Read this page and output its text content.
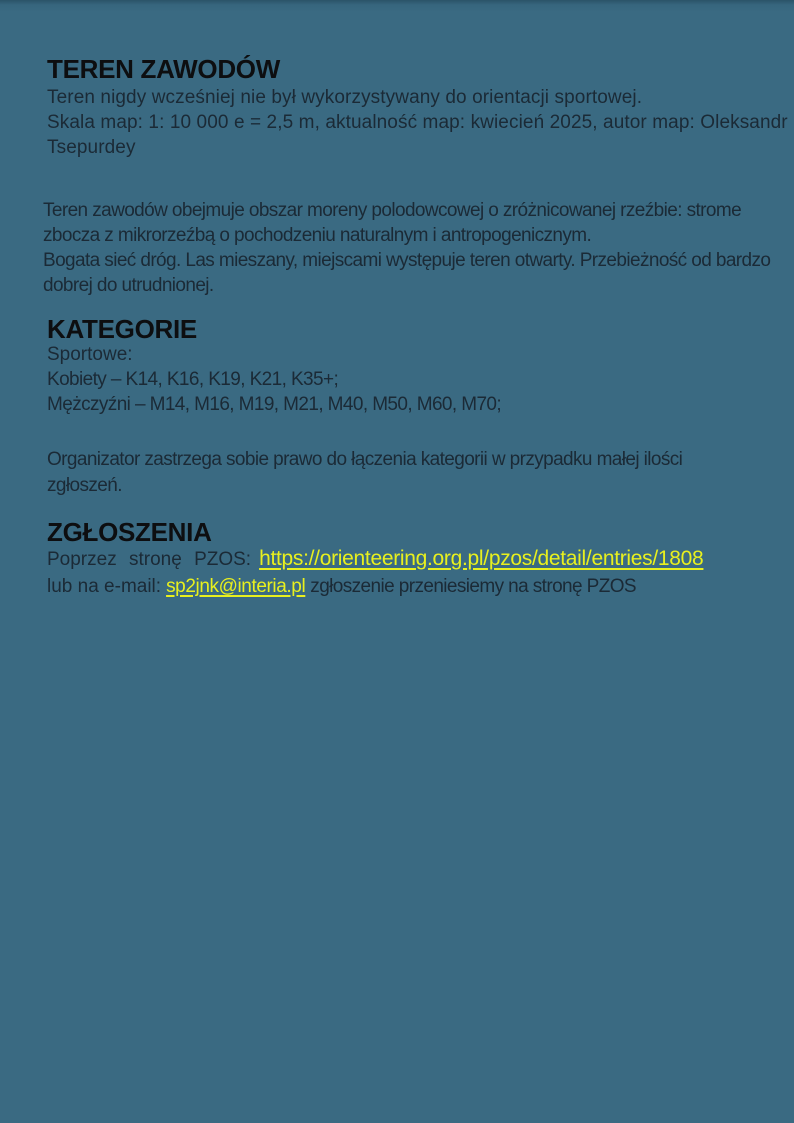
TEREN ZAWODÓW
Teren nigdy wcześniej nie był wykorzystywany do orientacji sportowej.
Skala map: 1: 10 000 e = 2,5 m, aktualność map: kwiecień 2025, autor map: Oleksandr
Tsepurdey
Teren zawodów obejmuje obszar moreny polodowcowej o zróżnicowanej rzeźbie: strome
zbocza z mikrorzeźbą o pochodzeniu naturalnym i antropogenicznym.
Bogata sieć dróg. Las mieszany, miejscami występuje teren otwarty. Przebieżność od bardzo
dobrej do utrudnionej.
KATEGORIE
Sportowe:
Kobiety – K14, K16, K19, K21, K35+;
Mężczyźni – M14, M16, M19, M21, M40, M50, M60, M70;
Organizator zastrzega sobie prawo do łączenia kategorii w przypadku małej ilości
zgłoszeń.
ZGŁOSZENIA
Poprzez stronę PZOS: https://orienteering.org.pl/pzos/detail/entries/1808
lub na e-mail: sp2jnk@interia.pl zgłoszenie przeniesiemy na stronę PZOS
